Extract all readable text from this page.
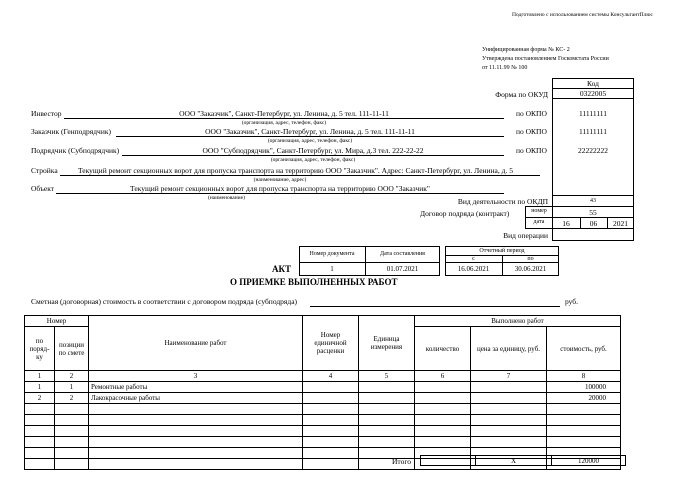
Подготовлено с использованием системы КонсультантПлюс
Унифицированная форма № КС- 2
Утверждена постановлением Госкомстата России
от 11.11.99 № 100
Код
0322005
Форма по ОКУД
Инвестор	ООО "Заказчик", Санкт-Петербург, ул. Ленина, д. 5 тел. 111-11-11
(организация, адрес, телефон, факс)
по ОКПО	11111111
Заказчик (Генподрядчик)	ООО "Заказчик", Санкт-Петербург, ул. Ленина, д. 5 тел. 111-11-11
(организация, адрес, телефон, факс)
по ОКПО	11111111
Подрядчик (Субподрядчик)	ООО "Субподрядчик", Санкт-Петербург, ул. Мира, д.3 тел. 222-22-22
(организация, адрес, телефон, факс)
по ОКПО	22222222
Стройка	Текущий ремонт секционных ворот для пропуска транспорта на территорию ООО "Заказчик". Адрес: Санкт-Петербург, ул. Ленина, д. 5
(наименование, адрес)
Объект	Текущий ремонт секционных ворот для пропуска транспорта на территорию ООО "Заказчик"
(наименование)	Вид деятельности по ОКДП	43
Договор подряда (контракт)	номер	55
дата	16	06	2021
Вид операции
Номер документа	Дата составления
1	01.07.2021
АКТ
Отчетный период
с	по
16.06.2021	30.06.2021
О ПРИЕМКЕ ВЫПОЛНЕННЫХ РАБОТ
Сметная (договорная) стоимость в соответствии с договором подряда (субподряда)	руб.
Номер		Наименование работ	Номер единичной расценки	Единица измерения	Выполнено работ		
по поряд- ку	позиции по смете				количество	цена за единицу, руб.	стоимость, руб.
1	2	3	4	5	6	7	8
1	1	Ремонтные работы					100000
2	2	Лакокрасочные работы					20000

Итого	X	120000
